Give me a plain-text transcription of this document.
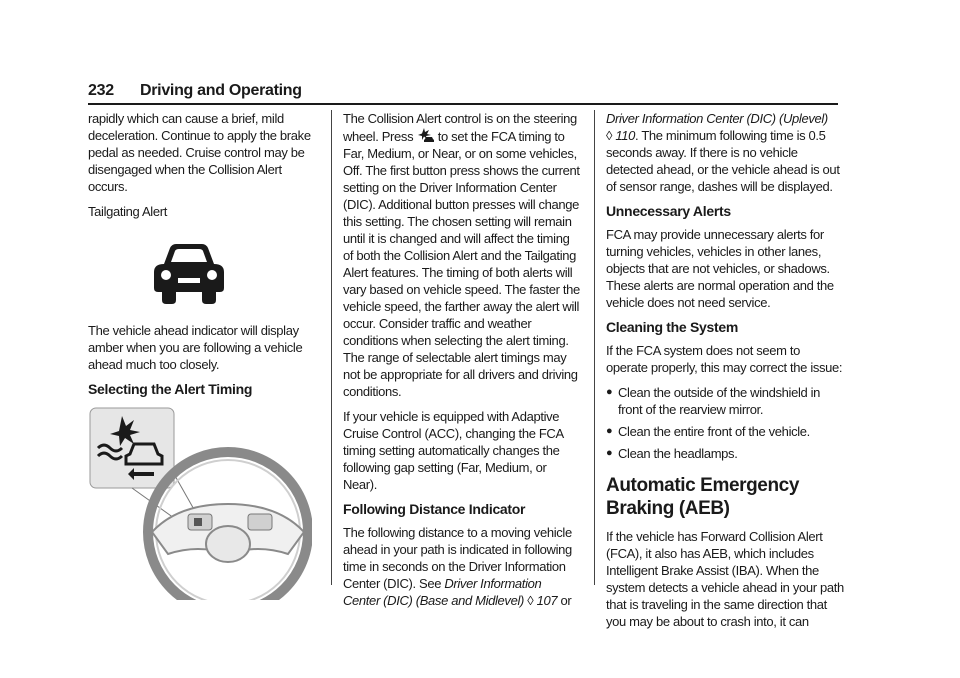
232 Driving and Operating

rapidly which can cause a brief, mild deceleration. Continue to apply the brake pedal as needed. Cruise control may be disengaged when the Collision Alert occurs.

Tailgating Alert

The vehicle ahead indicator will display amber when you are following a vehicle ahead much too closely.

Selecting the Alert Timing

The Collision Alert control is on the steering wheel. Press to set the FCA timing to Far, Medium, or Near, or on some vehicles, Off. The first button press shows the current setting on the Driver Information Center (DIC). Additional button presses will change this setting. The chosen setting will remain until it is changed and will affect the timing of both the Collision Alert and the Tailgating Alert features. The timing of both alerts will vary based on vehicle speed. The faster the vehicle speed, the farther away the alert will occur. Consider traffic and weather conditions when selecting the alert timing. The range of selectable alert timings may not be appropriate for all drivers and driving conditions.

If your vehicle is equipped with Adaptive Cruise Control (ACC), changing the FCA timing setting automatically changes the following gap setting (Far, Medium, or Near).

Following Distance Indicator

The following distance to a moving vehicle ahead in your path is indicated in following time in seconds on the Driver Information Center (DIC). See Driver Information Center (DIC) (Base and Midlevel) ◊ 107 or

Driver Information Center (DIC) (Uplevel)
◊ 110. The minimum following time is 0.5 seconds away. If there is no vehicle detected ahead, or the vehicle ahead is out of sensor range, dashes will be displayed.

Unnecessary Alerts

FCA may provide unnecessary alerts for turning vehicles, vehicles in other lanes, objects that are not vehicles, or shadows. These alerts are normal operation and the vehicle does not need service.

Cleaning the System

If the FCA system does not seem to operate properly, this may correct the issue:

● Clean the outside of the windshield in front of the rearview mirror.
● Clean the entire front of the vehicle.
● Clean the headlamps.
Automatic Emergency Braking (AEB)

If the vehicle has Forward Collision Alert (FCA), it also has AEB, which includes Intelligent Brake Assist (IBA). When the system detects a vehicle ahead in your path that is traveling in the same direction that you may be about to crash into, it can
